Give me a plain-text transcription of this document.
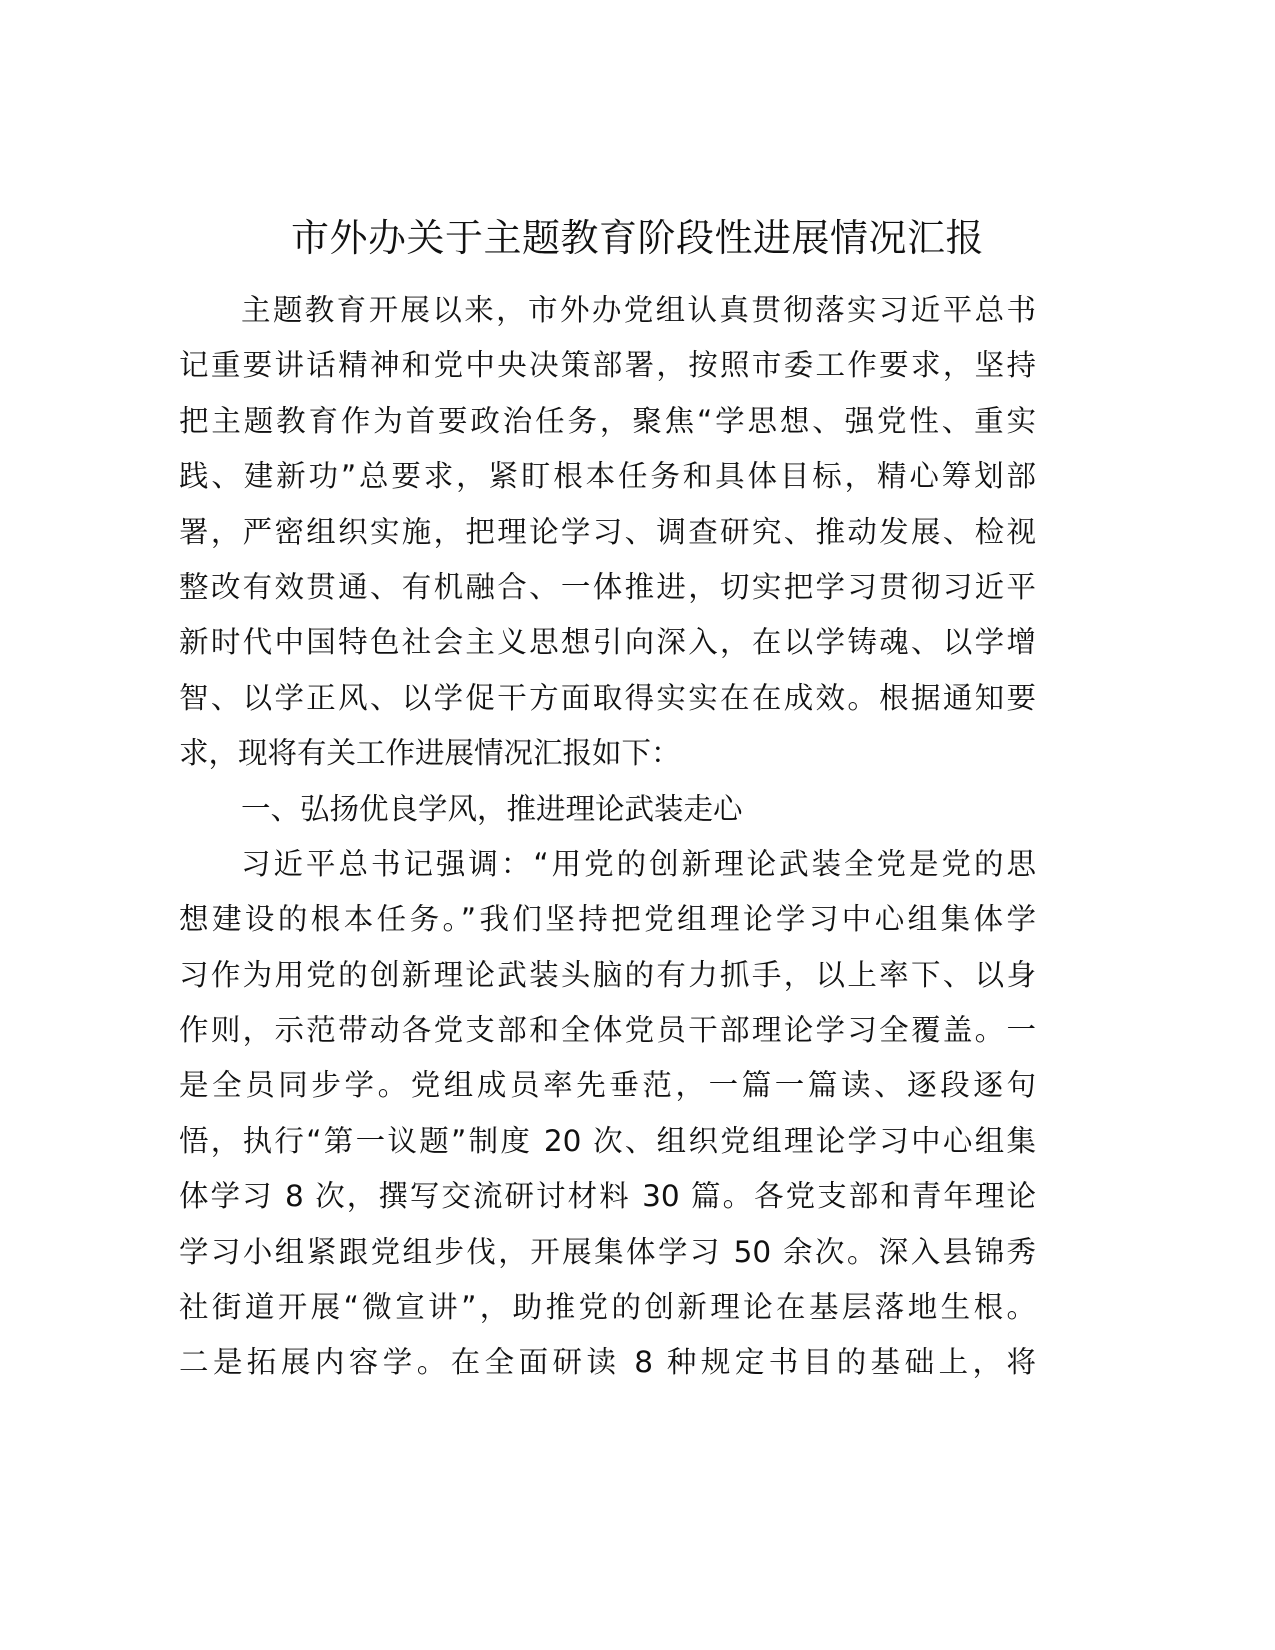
市外办关于主题教育阶段性进展情况汇报
主题教育开展以来，市外办党组认真贯彻落实习近平总书
记重要讲话精神和党中央决策部署，按照市委工作要求，坚持
把主题教育作为首要政治任务，聚焦“学思想、强党性、重实
践、建新功”总要求，紧盯根本任务和具体目标，精心筹划部
署，严密组织实施，把理论学习、调查研究、推动发展、检视
整改有效贯通、有机融合、一体推进，切实把学习贯彻习近平
新时代中国特色社会主义思想引向深入，在以学铸魂、以学增
智、以学正风、以学促干方面取得实实在在成效。根据通知要
求，现将有关工作进展情况汇报如下：
一、弘扬优良学风，推进理论武装走心
习近平总书记强调：“用党的创新理论武装全党是党的思
想建设的根本任务。”我们坚持把党组理论学习中心组集体学
习作为用党的创新理论武装头脑的有力抓手，以上率下、以身
作则，示范带动各党支部和全体党员干部理论学习全覆盖。一
是全员同步学。党组成员率先垂范，一篇一篇读、逐段逐句
悟，执行“第一议题”制度 20 次、组织党组理论学习中心组集
体学习 8 次，撰写交流研讨材料 30 篇。各党支部和青年理论
学习小组紧跟党组步伐，开展集体学习 50 余次。深入县锦秀
社街道开展“微宣讲”，助推党的创新理论在基层落地生根。
二是拓展内容学。在全面研读 8 种规定书目的基础上，将
